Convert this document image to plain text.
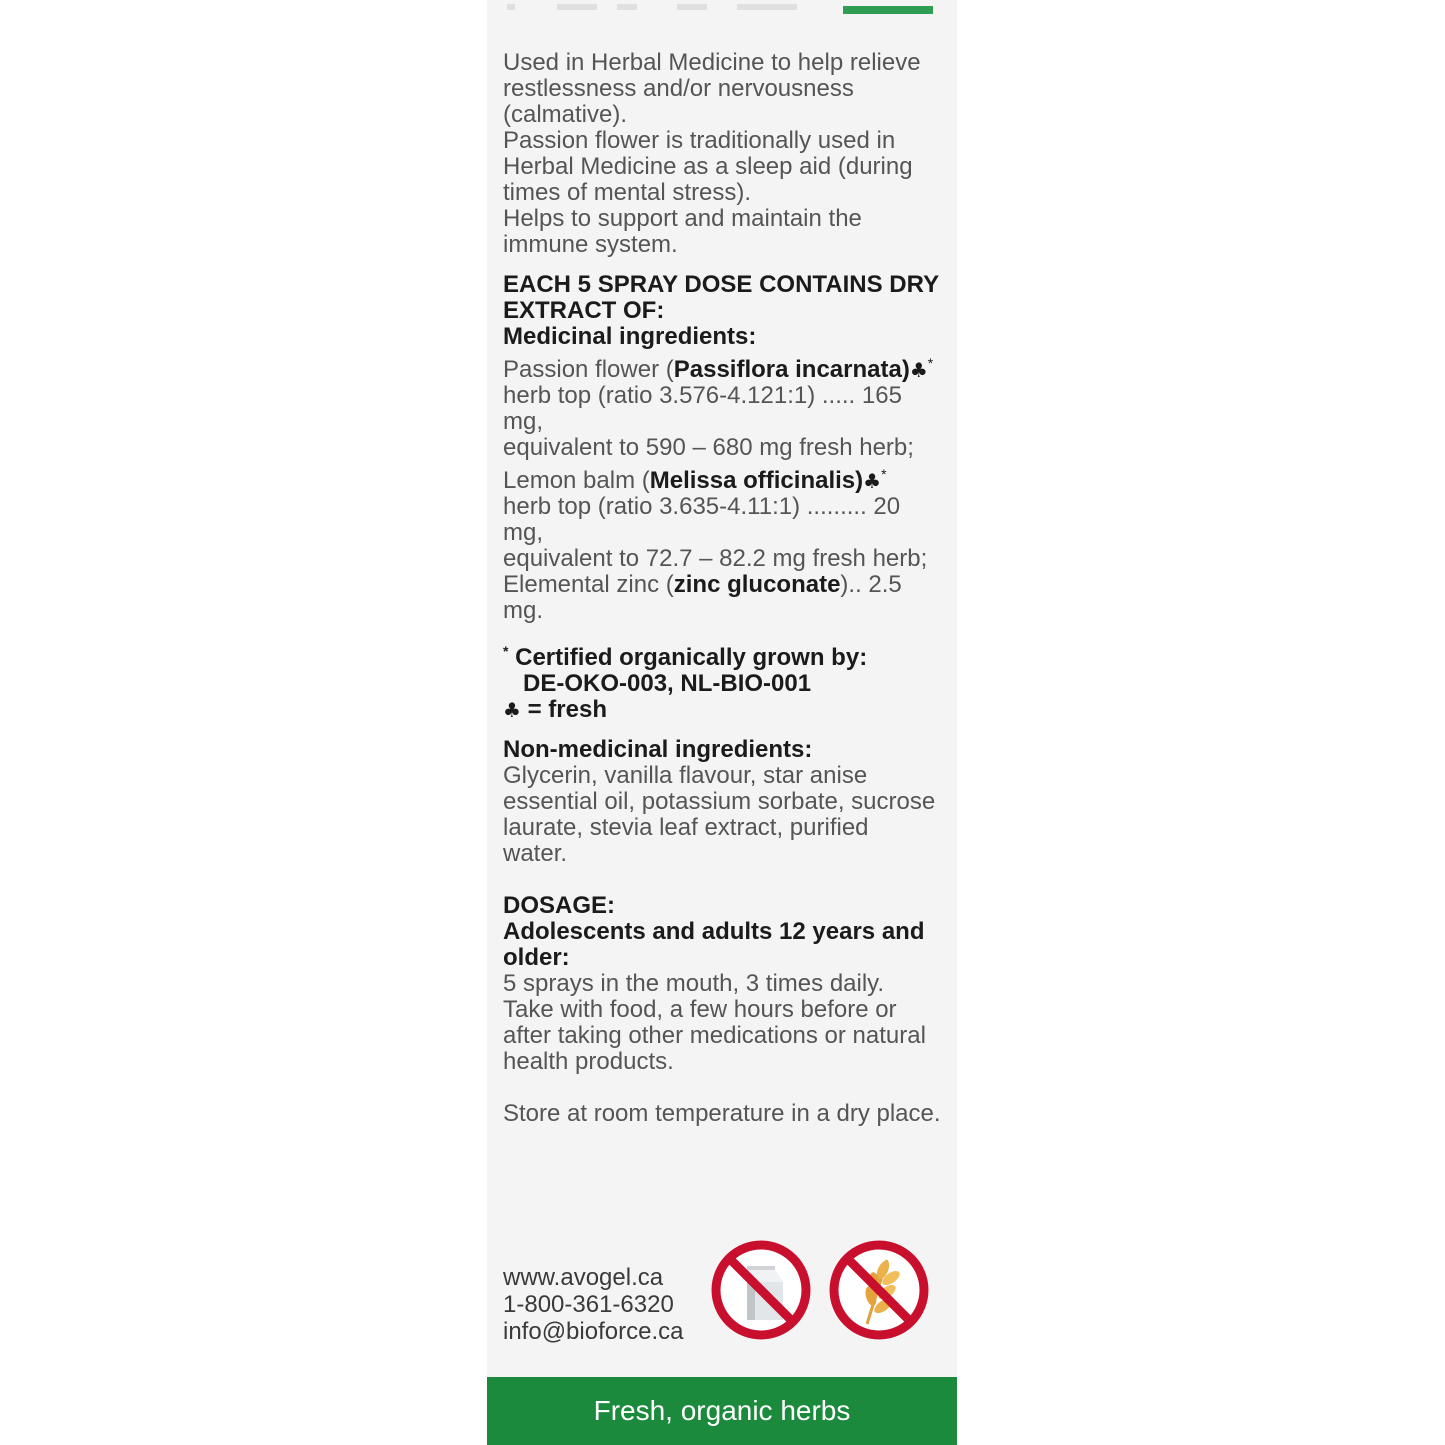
Used in Herbal Medicine to help relieve
restlessness and/or nervousness
(calmative).
Passion flower is traditionally used in
Herbal Medicine as a sleep aid (during
times of mental stress).
Helps to support and maintain the
immune system.
EACH 5 SPRAY DOSE CONTAINS DRY
EXTRACT OF:
Medicinal ingredients:
Passion flower (Passiflora incarnata)♣*
herb top (ratio 3.576-4.121:1) ..... 165 mg,
equivalent to 590 – 680 mg fresh herb;
Lemon balm (Melissa officinalis)♣*
herb top (ratio 3.635-4.11:1) ......... 20 mg,
equivalent to 72.7 – 82.2 mg fresh herb;
Elemental zinc (zinc gluconate).. 2.5 mg.
* Certified organically grown by:
DE-OKO-003, NL-BIO-001
♣ = fresh
Non-medicinal ingredients:
Glycerin, vanilla flavour, star anise
essential oil, potassium sorbate, sucrose
laurate, stevia leaf extract, purified
water.
DOSAGE:
Adolescents and adults 12 years and
older:
5 sprays in the mouth, 3 times daily.
Take with food, a few hours before or
after taking other medications or natural
health products.
Store at room temperature in a dry place.
www.avogel.ca
1-800-361-6320
info@bioforce.ca
Fresh, organic herbs
